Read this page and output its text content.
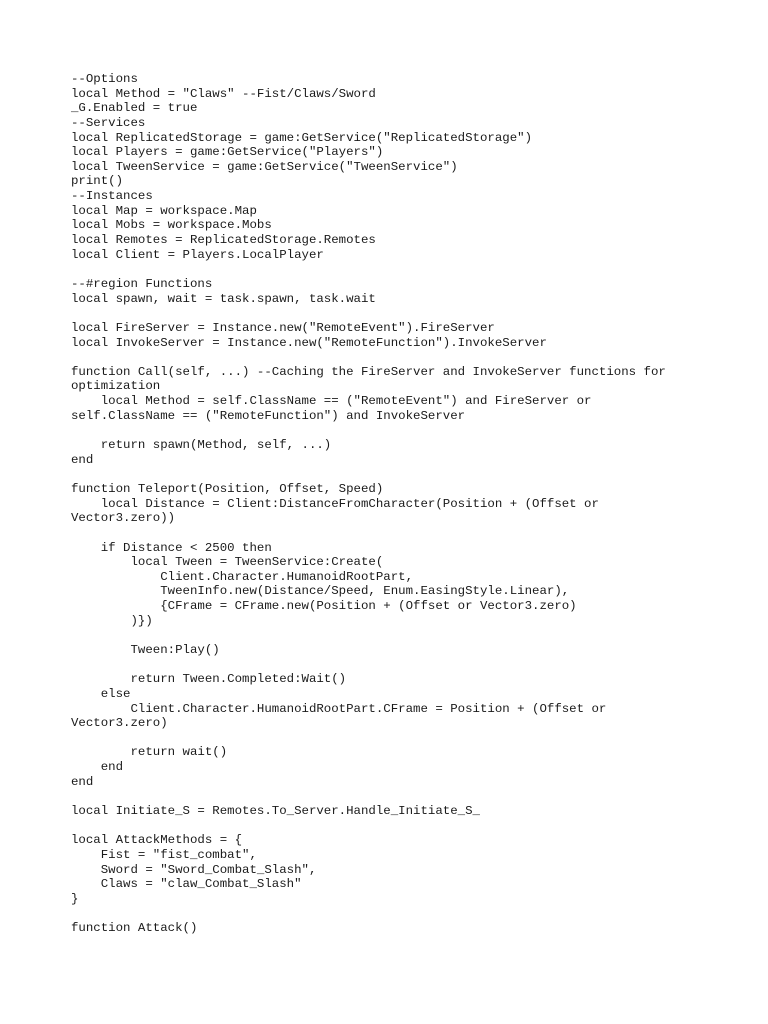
--Options
local Method = "Claws" --Fist/Claws/Sword
_G.Enabled = true
--Services
local ReplicatedStorage = game:GetService("ReplicatedStorage")
local Players = game:GetService("Players")
local TweenService = game:GetService("TweenService")
print()
--Instances
local Map = workspace.Map
local Mobs = workspace.Mobs
local Remotes = ReplicatedStorage.Remotes
local Client = Players.LocalPlayer
--#region Functions
local spawn, wait = task.spawn, task.wait
local FireServer = Instance.new("RemoteEvent").FireServer
local InvokeServer = Instance.new("RemoteFunction").InvokeServer
function Call(self, ...) --Caching the FireServer and InvokeServer functions for
optimization
local Method = self.ClassName == ("RemoteEvent") and FireServer or
self.ClassName == ("RemoteFunction") and InvokeServer
return spawn(Method, self, ...)
end
function Teleport(Position, Offset, Speed)
local Distance = Client:DistanceFromCharacter(Position + (Offset or
Vector3.zero))
if Distance < 2500 then
local Tween = TweenService:Create(
Client.Character.HumanoidRootPart,
TweenInfo.new(Distance/Speed, Enum.EasingStyle.Linear),
{CFrame = CFrame.new(Position + (Offset or Vector3.zero)
)})
Tween:Play()
return Tween.Completed:Wait()
else
Client.Character.HumanoidRootPart.CFrame = Position + (Offset or
Vector3.zero)
return wait()
end
end
local Initiate_S = Remotes.To_Server.Handle_Initiate_S_
local AttackMethods = {
Fist = "fist_combat",
Sword = "Sword_Combat_Slash",
Claws = "claw_Combat_Slash"
}
function Attack()
